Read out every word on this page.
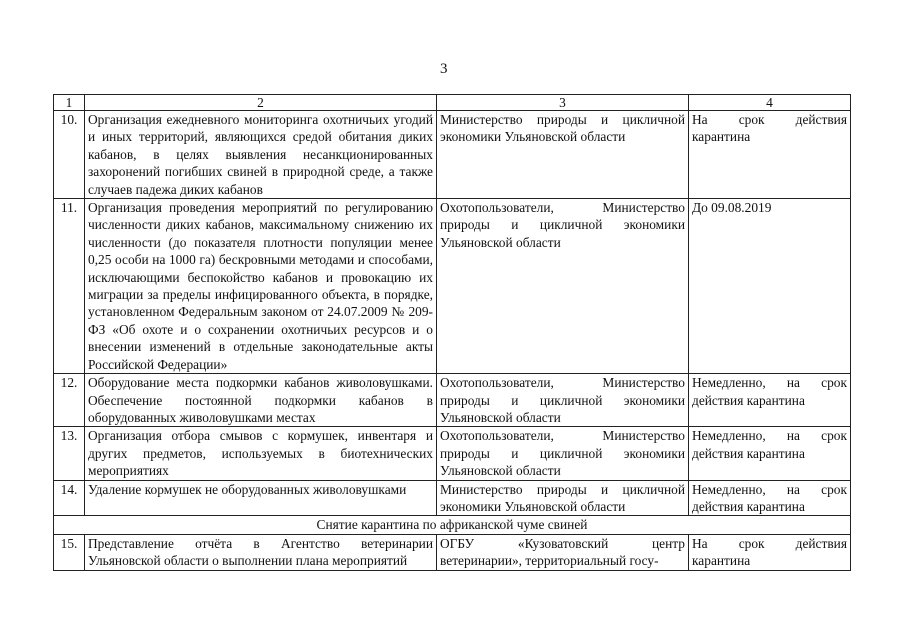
3
1	2	3	4
10.	Организация ежедневного мониторинга охотничьих угодий и иных территорий, являющихся средой обитания диких кабанов, в целях выявления несанкционированных захоронений погибших свиней в природной среде, а также случаев падежа диких кабанов	Министерство природы и цикличной экономики Ульяновской области	На срок действия карантина
11.	Организация проведения мероприятий по регулированию численности диких кабанов, максимальному снижению их численности (до показателя плотности популяции менее 0,25 особи на 1000 га) бескровными методами и способами, исключающими беспокойство кабанов и провокацию их миграции за пределы инфицированного объекта, в порядке, установленном Федеральным законом от 24.07.2009 № 209-ФЗ «Об охоте и о сохранении охотничьих ресурсов и о внесении изменений в отдельные законодательные акты Российской Федерации»	Охотопользователи, Министерство природы и цикличной экономики Ульяновской области	До 09.08.2019
12.	Оборудование места подкормки кабанов живоловушками. Обеспечение постоянной подкормки кабанов в оборудованных живоловушками местах	Охотопользователи, Министерство природы и цикличной экономики Ульяновской области	Немедленно, на срок действия карантина
13.	Организация отбора смывов с кормушек, инвентаря и других предметов, используемых в биотехнических мероприятиях	Охотопользователи, Министерство природы и цикличной экономики Ульяновской области	Немедленно, на срок действия карантина
14.	Удаление кормушек не оборудованных живоловушками	Министерство природы и цикличной экономики Ульяновской области	Немедленно, на срок действия карантина
Снятие карантина по африканской чуме свиней			
15.	Представление отчёта в Агентство ветеринарии Ульяновской области о выполнении плана мероприятий	ОГБУ «Кузоватовский центр ветеринарии», территориальный госу-	На срок действия карантина
